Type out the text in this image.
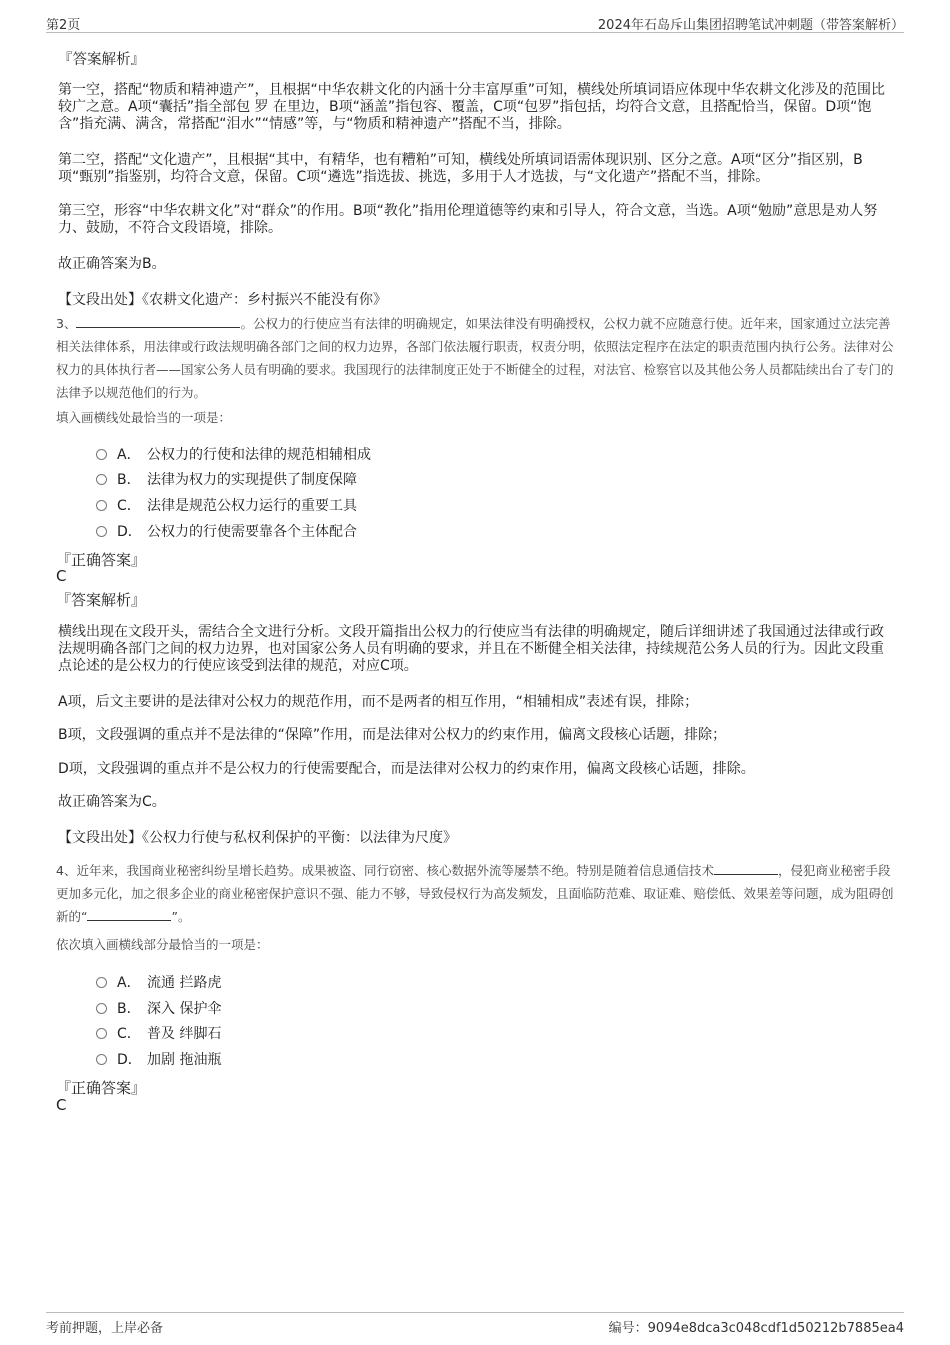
第2页	2024年石岛斥山集团招聘笔试冲刺题（带答案解析）
『答案解析』
第一空，搭配“物质和精神遗产”，且根据“中华农耕文化的内涵十分丰富厚重”可知，横线处所填词语应体现中华农耕文化涉及的范围比较广之意。A项“囊括”指全部包 罗 在里边，B项“涵盖”指包容、覆盖，C项“包罗”指包括，均符合文意，且搭配恰当，保留。D项“饱含”指充满、满含，常搭配“泪水”“情感”等，与“物质和精神遗产”搭配不当，排除。
第二空，搭配“文化遗产”，且根据“其中，有精华，也有糟粕”可知，横线处所填词语需体现识别、区分之意。A项“区分”指区别，B项“甄别”指鉴别，均符合文意，保留。C项“遴选”指选拔、挑选，多用于人才选拔，与“文化遗产”搭配不当，排除。
第三空，形容“中华农耕文化”对“群众”的作用。B项“教化”指用伦理道德等约束和引导人，符合文意，当选。A项“勉励”意思是劝人努力、鼓励，不符合文段语境，排除。
故正确答案为B。
【文段出处】《农耕文化遗产：乡村振兴不能没有你》
3、	。公权力的行使应当有法律的明确规定，如果法律没有明确授权，公权力就不应随意行使。近年来，国家通过立法完善相关法律体系，用法律或行政法规明确各部门之间的权力边界，各部门依法履行职责，权责分明，依照法定程序在法定的职责范围内执行公务。法律对公权力的具体执行者——国家公务人员有明确的要求。我国现行的法律制度正处于不断健全的过程，对法官、检察官以及其他公务人员都陆续出台了专门的法律予以规范他们的行为。
填入画横线处最恰当的一项是：
A． 公权力的行使和法律的规范相辅相成
B． 法律为权力的实现提供了制度保障
C． 法律是规范公权力运行的重要工具
D． 公权力的行使需要靠各个主体配合
『正确答案』
C
『答案解析』
横线出现在文段开头，需结合全文进行分析。文段开篇指出公权力的行使应当有法律的明确规定，随后详细讲述了我国通过法律或行政法规明确各部门之间的权力边界，也对国家公务人员有明确的要求，并且在不断健全相关法律，持续规范公务人员的行为。因此文段重点论述的是公权力的行使应该受到法律的规范，对应C项。
A项，后文主要讲的是法律对公权力的规范作用，而不是两者的相互作用，“相辅相成”表述有误，排除；
B项，文段强调的重点并不是法律的“保障”作用，而是法律对公权力的约束作用，偏离文段核心话题，排除；
D项，文段强调的重点并不是公权力的行使需要配合，而是法律对公权力的约束作用，偏离文段核心话题，排除。
故正确答案为C。
【文段出处】《公权力行使与私权利保护的平衡：以法律为尺度》
4、近年来，我国商业秘密纠纷呈增长趋势。成果被盗、同行窃密、核心数据外流等屡禁不绝。特别是随着信息通信技术	，侵犯商业秘密手段更加多元化，加之很多企业的商业秘密保护意识不强、能力不够，导致侵权行为高发频发，且面临防范难、取证难、赔偿低、效果差等问题，成为阻碍创新的“	”。
依次填入画横线部分最恰当的一项是：
A． 流通 拦路虎
B． 深入 保护伞
C． 普及 绊脚石
D． 加剧 拖油瓶
『正确答案』
C
考前押题，上岸必备	编号：9094e8dca3c048cdf1d50212b7885ea4
